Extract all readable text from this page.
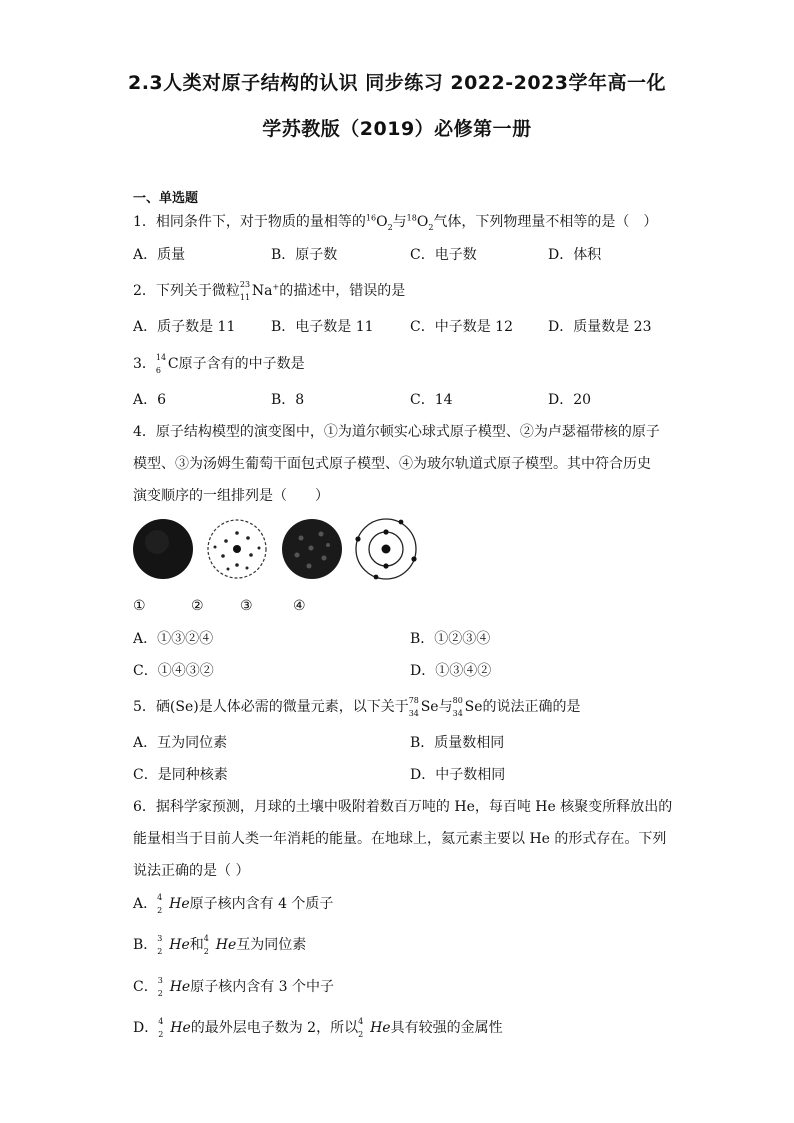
2.3人类对原子结构的认识 同步练习 2022-2023学年高一化
学苏教版（2019）必修第一册
一、单选题
1．相同条件下，对于物质的量相等的$^{16}O_2$与$^{18}O_2$气体，下列物理量不相等的是（　）
A．质量	B．原子数	C．电子数	D．体积
2．下列关于微粒 23
11 Na+的描述中，错误的是
A．质子数是 11	B．电子数是 11	C．中子数是 12	D．质量数是 23
3． 14
6 C原子含有的中子数是
A．6	B．8	C．14	D．20
4．原子结构模型的演变图中，①为道尔顿实心球式原子模型、②为卢瑟福带核的原子
模型、③为汤姆生葡萄干面包式原子模型、④为玻尔轨道式原子模型。其中符合历史
演变顺序的一组排列是（　　）
①	②	③	④
A．①③②④	B．①②③④
C．①④③②	D．①③④②
5．硒(Se)是人体必需的微量元素，以下关于 78
34 Se与 80
34 Se的说法正确的是
A．互为同位素	B．质量数相同
C．是同种核素	D．中子数相同
6．据科学家预测，月球的土壤中吸附着数百万吨的 He，每百吨 He 核聚变所释放出的
能量相当于目前人类一年消耗的能量。在地球上，氦元素主要以 He 的形式存在。下列
说法正确的是（ ）
A． 4
2 He原子核内含有 4 个质子
B． 3
2 He和 4
2 He互为同位素
C． 3
2 He原子核内含有 3 个中子
D． 4
2 He的最外层电子数为 2，所以 4
2 He具有较强的金属性
